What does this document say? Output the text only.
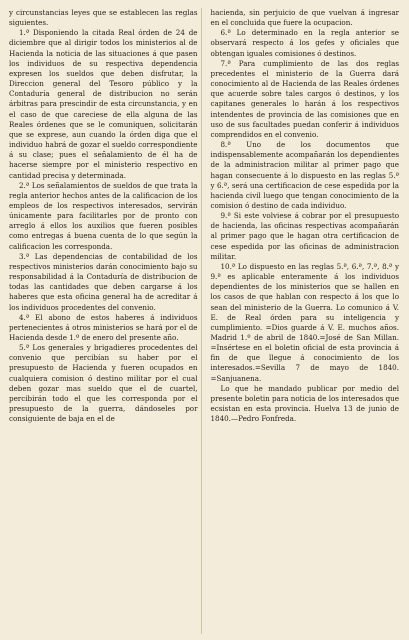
y circunstancias leyes que se establecen las reglas siguientes.

1.ª Disponiendo la citada Real órden de 24 de diciembre que al dirigir todos los ministerios al de Hacienda la noticia de las situaciones á que pasen los individuos de su respectiva dependencia expresen los sueldos que deben disfrutar, la Direccion general del Tesoro público y la Contaduría general de distribucion no serán árbitras para prescindir de esta circunstancia, y en el caso de que careciese de ella alguna de las Reales órdenes que se le comuniquen, solicitarán que se exprese, aun cuando la órden diga que el individuo habrá de gozar el sueldo correspondiente á su clase; pues el señalamiento de él ha de hacerse siempre por el ministerio respectivo en cantidad precisa y determinada.

2.ª Los señalamientos de sueldos de que trata la regla anterior hechos antes de la calificacion de los empleos de los respectivos interesados, servirán únicamente para facilitarles por de pronto con arreglo á ellos los auxilios que fueren posibles como entregas á buena cuenta de lo que según la calificacion les corresponda.

3.ª Las dependencias de contabilidad de los respectivos ministerios darán conocimiento bajo su responsabilidad á la Contaduría de distribucion de todas las cantidades que deben cargarse á los haberes que esta oficina general ha de acreditar á los individuos procedentes del convenio.

4.ª El abono de estos haberes á individuos pertenecientes á otros ministerios se hará por el de Hacienda desde 1.º de enero del presente año.

5.ª Los generales y brigadieres procedentes del convenio que percibían su haber por el presupuesto de Hacienda y fueren ocupados en cualquiera comision ó destino militar por el cual deben gozar mas sueldo que el de cuartel, percibirán todo el que les corresponda por el presupuesto de la guerra, dándoseles por consiguiente de baja en el de

hacienda, sin perjuicio de que vuelvan á ingresar en el concluida que fuere la ocupacion.

6.ª Lo determinado en la regla anterior se observará respecto á los gefes y oficiales que obtengan iguales comisiones ó destinos.

7.ª Para cumplimiento de las dos reglas precedentes el ministerio de la Guerra dará conocimiento al de Hacienda de las Reales órdenes que acuerde sobre tales cargos ó destinos, y los capitanes generales lo harán á los respectivos intendentes de provincia de las comisiones que en uso de sus facultades puedan conferir á individuos comprendidos en el convenio.

8.ª Uno de los documentos que indispensablemente acompañarán los dependientes de la administracion militar al primer pago que hagan consecuente á lo dispuesto en las reglas 5.ª y 6.ª, será una certificacion de cese espedida por la hacienda civil luego que tengan conocimiento de la comision ó destino de cada individuo.

9.ª Si este volviese á cobrar por el presupuesto de hacienda, las oficinas respectivas acompañarán al primer pago que le hagan otra certificacion de cese espedida por las oficinas de administracion militar.

10.ª Lo dispuesto en las reglas 5.ª, 6.ª, 7.ª, 8.ª y 9.ª es aplicable enteramente á los individuos dependientes de los ministerios que se hallen en los casos de que hablan con respecto á los que lo sean del ministerio de la Guerra. Lo comunico á V. E. de Real órden para su inteligencia y cumplimiento. =Dios guarde á V. E. muchos años. Madrid 1.º de abril de 1840.=José de San Millan. =Insértese en el boletin oficial de esta provincia á fin de que llegue á conocimiento de los interesados.=Sevilla 7 de mayo de 1840. =Sanjuanena.

Lo que he mandado publicar por medio del presente boletin para noticia de los interesados que ecsistan en esta provincia. Huelva 13 de junio de 1840.—Pedro Fonfreda.
